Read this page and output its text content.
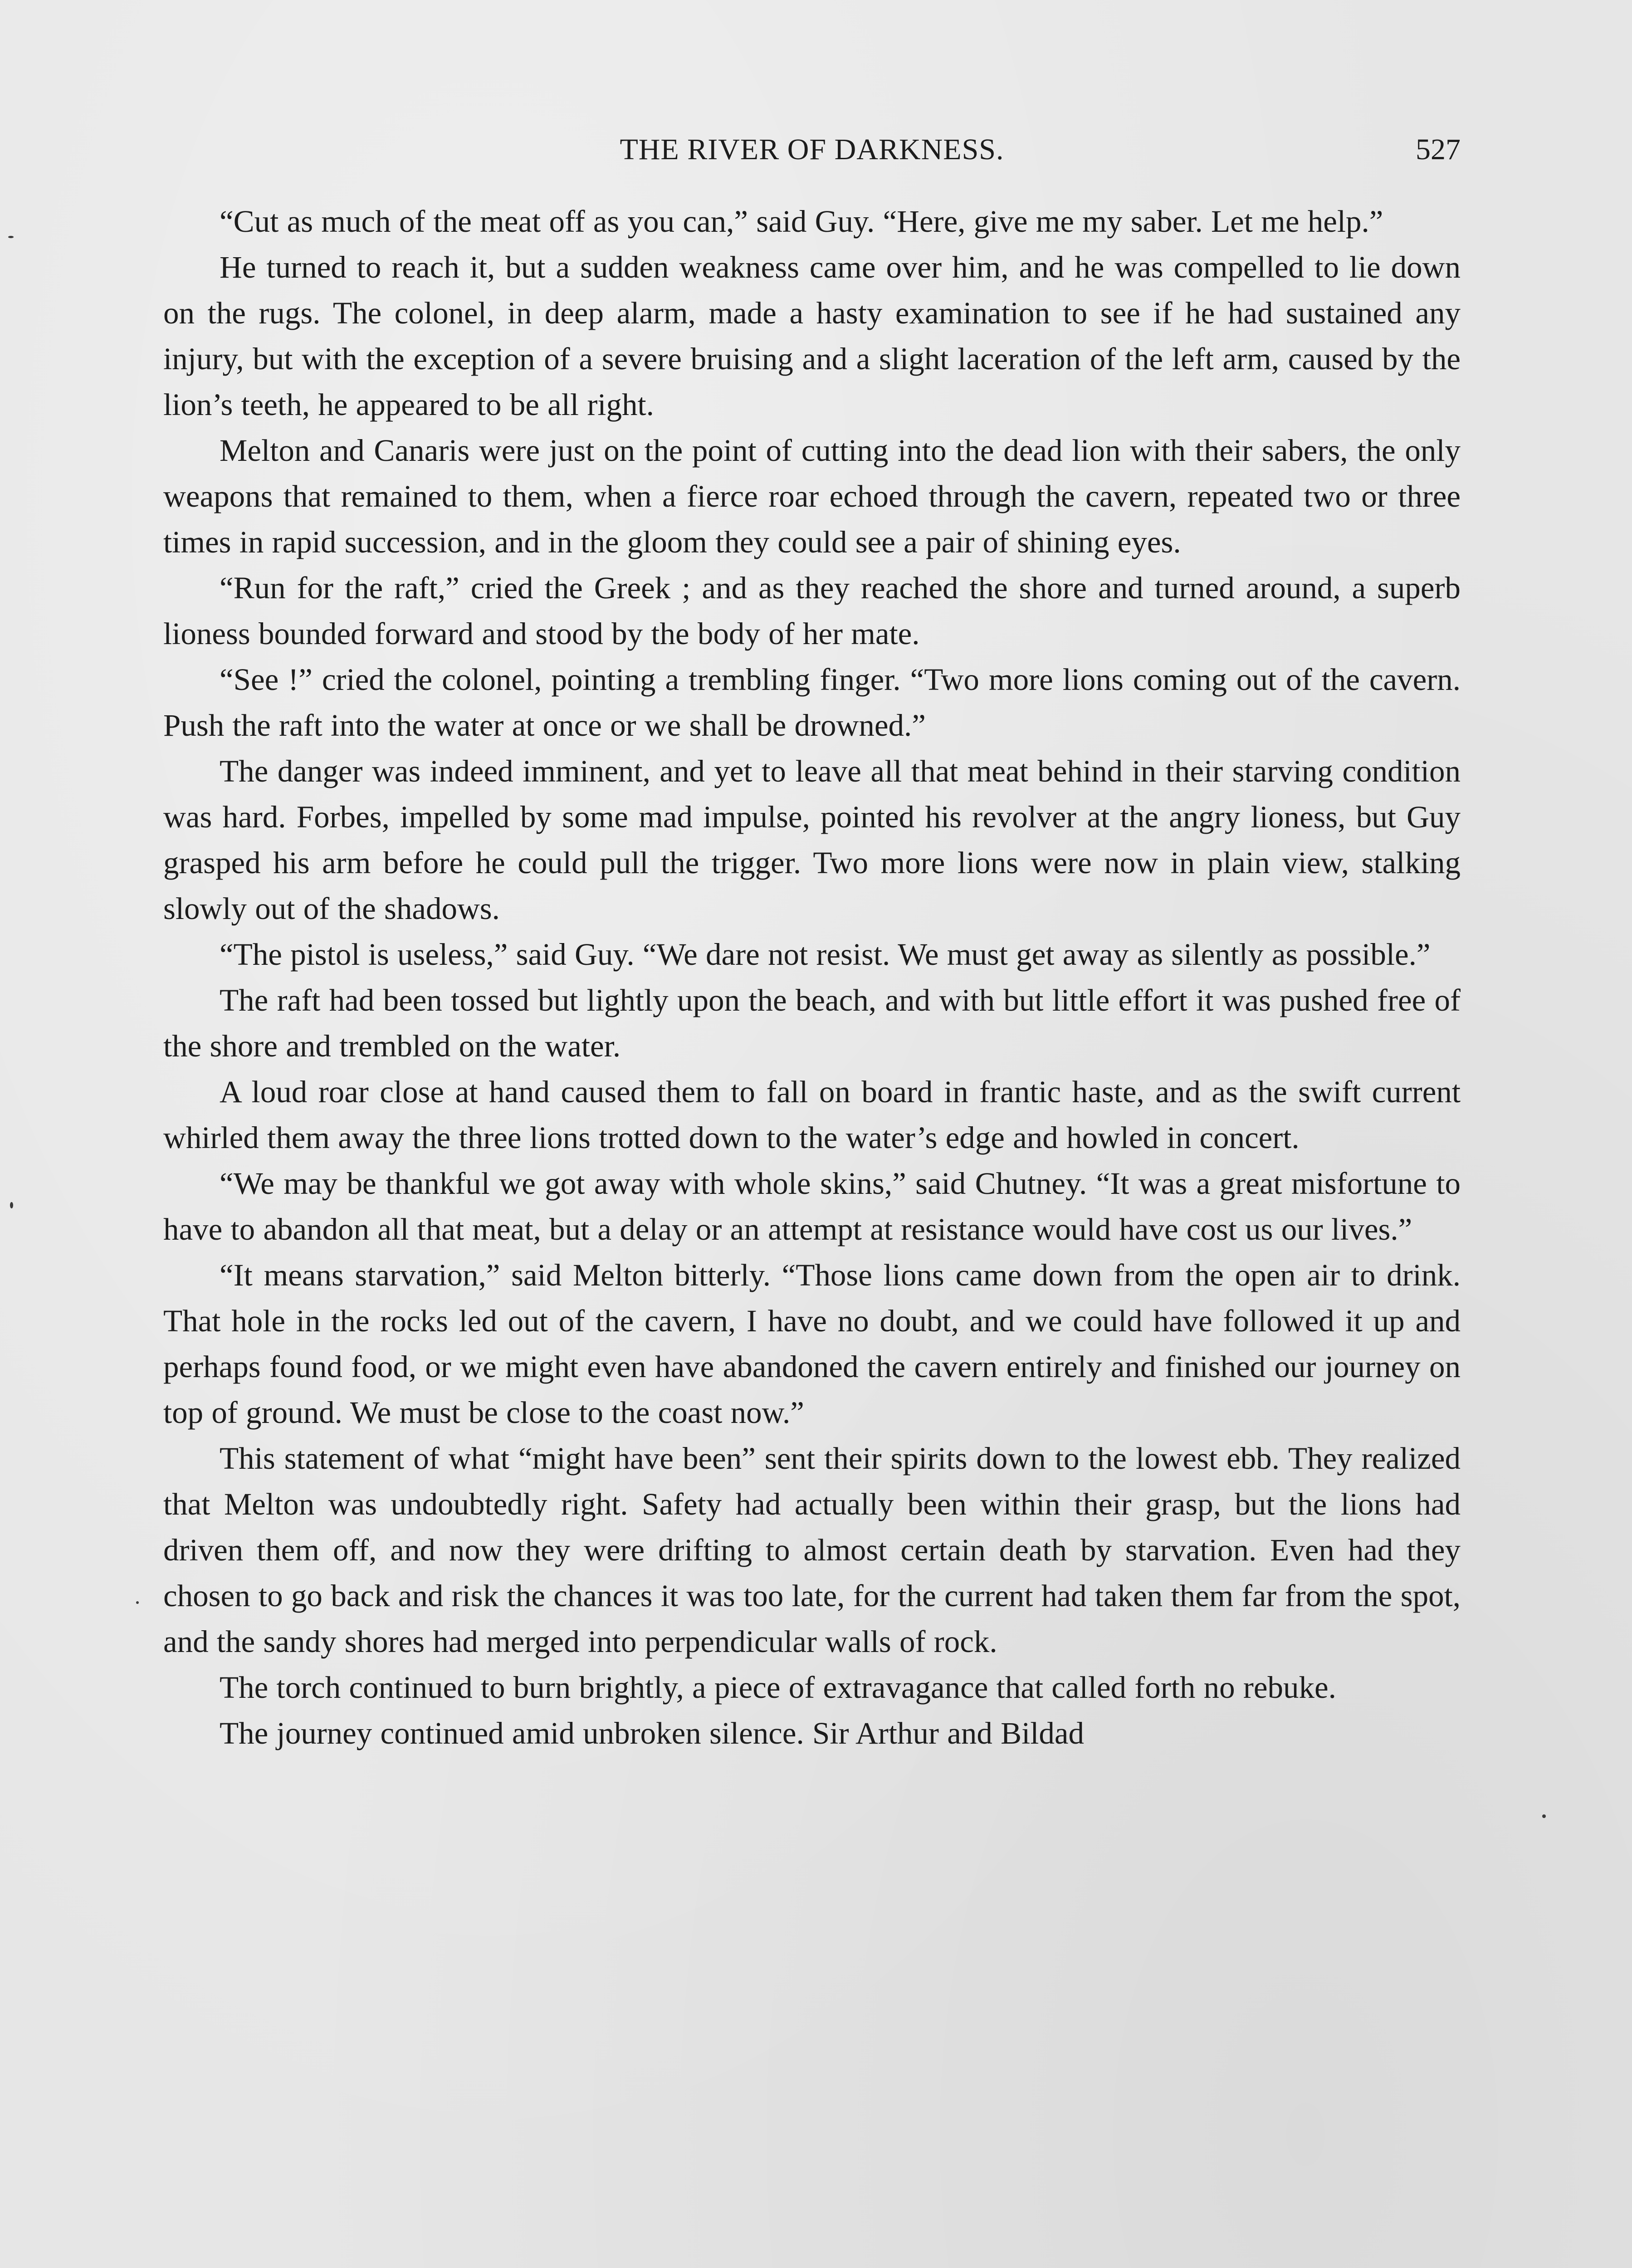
THE RIVER OF DARKNESS.	527

“Cut as much of the meat off as you can,” said Guy. “Here, give me my saber. Let me help.”

He turned to reach it, but a sudden weakness came over him, and he was compelled to lie down on the rugs. The colonel, in deep alarm, made a hasty examination to see if he had sustained any injury, but with the exception of a severe bruising and a slight laceration of the left arm, caused by the lion’s teeth, he appeared to be all right.

Melton and Canaris were just on the point of cutting into the dead lion with their sabers, the only weapons that remained to them, when a fierce roar echoed through the cavern, repeated two or three times in rapid succession, and in the gloom they could see a pair of shining eyes.

“Run for the raft,” cried the Greek ; and as they reached the shore and turned around, a superb lioness bounded forward and stood by the body of her mate.

“See !” cried the colonel, pointing a trembling finger. “Two more lions coming out of the cavern. Push the raft into the water at once or we shall be drowned.”

The danger was indeed imminent, and yet to leave all that meat behind in their starving condition was hard. Forbes, impelled by some mad impulse, pointed his revolver at the angry lioness, but Guy grasped his arm before he could pull the trigger. Two more lions were now in plain view, stalking slowly out of the shadows.

“The pistol is useless,” said Guy. “We dare not resist. We must get away as silently as possible.”

The raft had been tossed but lightly upon the beach, and with but little effort it was pushed free of the shore and trembled on the water.

A loud roar close at hand caused them to fall on board in frantic haste, and as the swift current whirled them away the three lions trotted down to the water’s edge and howled in concert.

“We may be thankful we got away with whole skins,” said Chutney. “It was a great misfortune to have to abandon all that meat, but a delay or an attempt at resistance would have cost us our lives.”

“It means starvation,” said Melton bitterly. “Those lions came down from the open air to drink. That hole in the rocks led out of the cavern, I have no doubt, and we could have followed it up and perhaps found food, or we might even have abandoned the cavern entirely and finished our journey on top of ground. We must be close to the coast now.”

This statement of what “might have been” sent their spirits down to the lowest ebb. They realized that Melton was undoubtedly right. Safety had actually been within their grasp, but the lions had driven them off, and now they were drifting to almost certain death by starvation. Even had they chosen to go back and risk the chances it was too late, for the current had taken them far from the spot, and the sandy shores had merged into perpendicular walls of rock.

The torch continued to burn brightly, a piece of extravagance that called forth no rebuke.

The journey continued amid unbroken silence. Sir Arthur and Bildad
